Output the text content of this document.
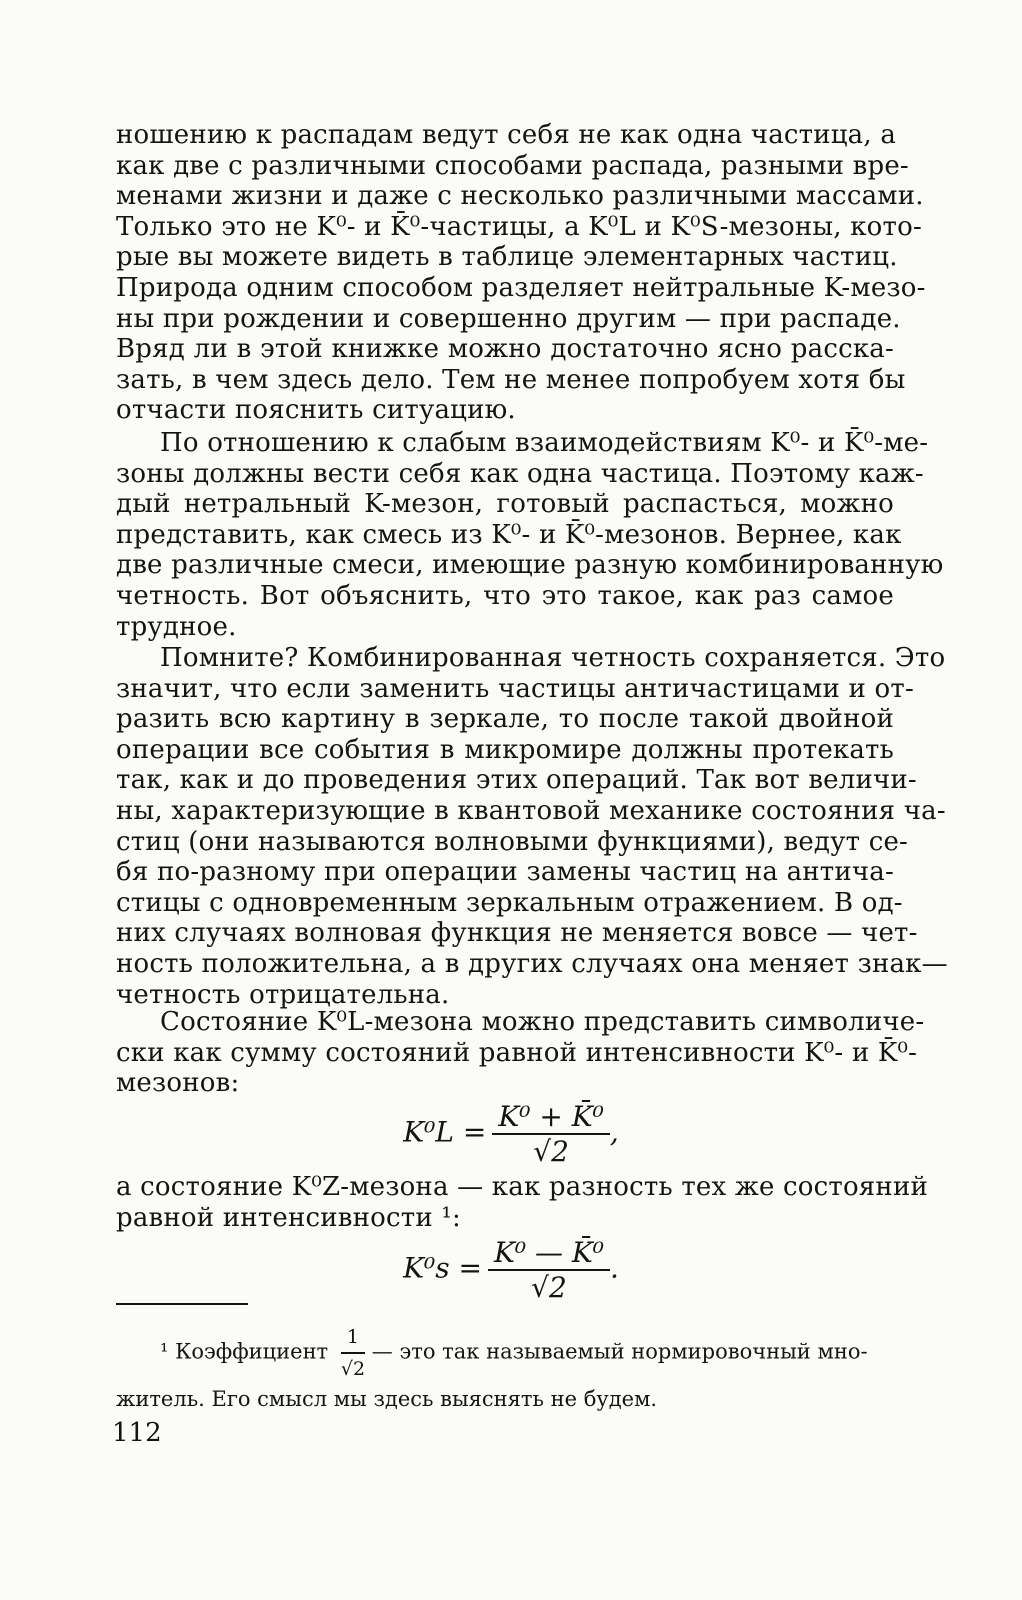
ношению к распадам ведут себя не как одна частица, а
как две с различными способами распада, разными вре-
менами жизни и даже с несколько различными массами.
Только это не K⁰- и K̄⁰-частицы, а K⁰L и K⁰S-мезоны, кото-
рые вы можете видеть в таблице элементарных частиц.
Природа одним способом разделяет нейтральные K-мезо-
ны при рождении и совершенно другим — при распаде.
Вряд ли в этой книжке можно достаточно ясно расска-
зать, в чем здесь дело. Тем не менее попробуем хотя бы
отчасти пояснить ситуацию.
По отношению к слабым взаимодействиям K⁰- и K̄⁰-ме-
зоны должны вести себя как одна частица. Поэтому каж-
дый нетральный K-мезон, готовый распасться, можно
представить, как смесь из K⁰- и K̄⁰-мезонов. Вернее, как
две различные смеси, имеющие разную комбинированную
четность. Вот объяснить, что это такое, как раз самое
трудное.
Помните? Комбинированная четность сохраняется. Это
значит, что если заменить частицы античастицами и от-
разить всю картину в зеркале, то после такой двойной
операции все события в микромире должны протекать
так, как и до проведения этих операций. Так вот величи-
ны, характеризующие в квантовой механике состояния ча-
стиц (они называются волновыми функциями), ведут се-
бя по-разному при операции замены частиц на антича-
стицы с одновременным зеркальным отражением. В од-
них случаях волновая функция не меняется вовсе — чет-
ность положительна, а в других случаях она меняет знак—
четность отрицательна.
Состояние K⁰L-мезона можно представить символиче-
ски как сумму состояний равной интенсивности K⁰- и K̄⁰-
мезонов:
$K^0L = \frac{\text{K⁰ + K̄⁰}}{√2}$ ,
а состояние K⁰Z-мезона — как разность тех же состояний
равной интенсивности ¹:
$K^0s = \frac{\text{K⁰ — K̄⁰}}{√2}$ .
¹ Коэффициент $\frac{1}{√2}$ — это так называемый нормировочный мно-
житель. Его смысл мы здесь выяснять не будем.
112
